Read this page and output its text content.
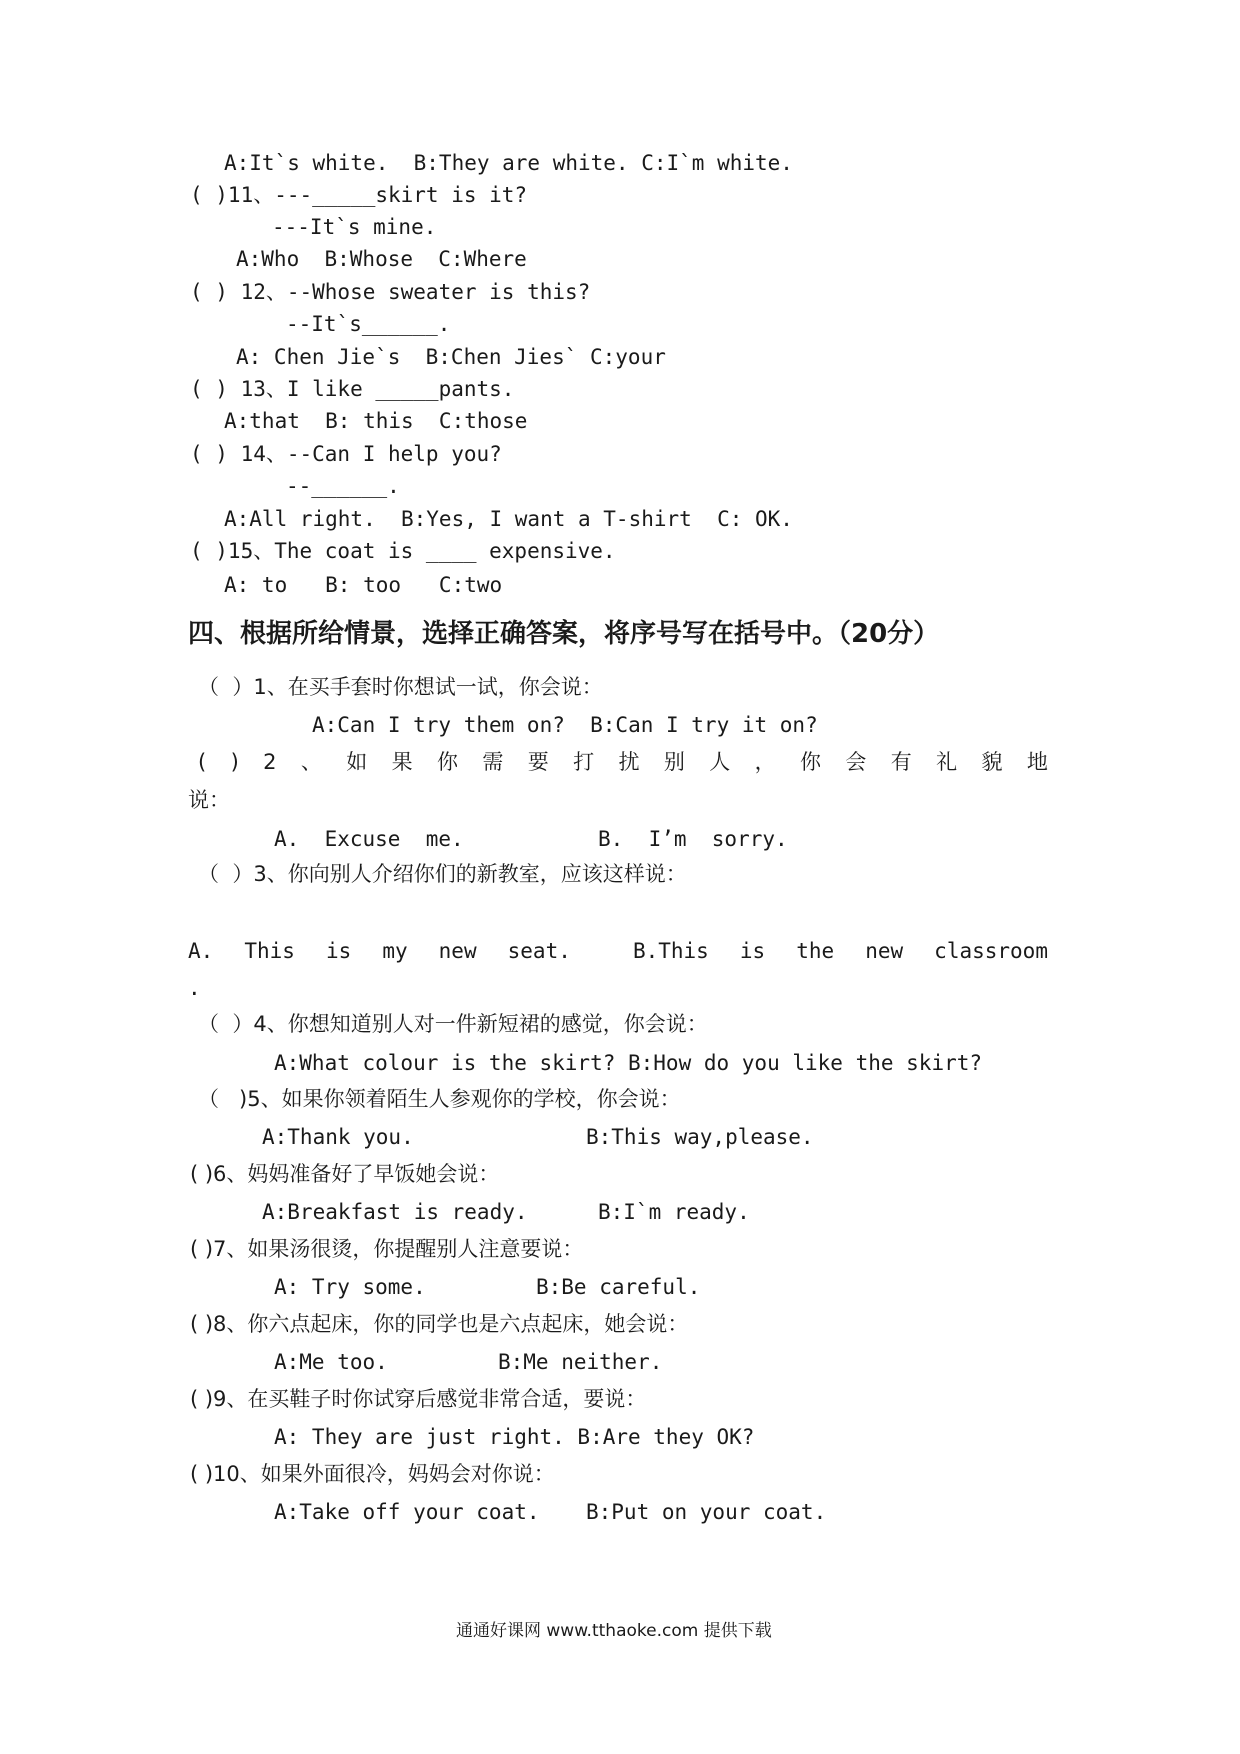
A:It`s white.  B:They are white. C:I`m white.
( )11、---_____skirt is it?
---It`s mine.
A:Who  B:Whose  C:Where
( ) 12、--Whose sweater is this?
--It`s______.
A: Chen Jie`s  B:Chen Jies` C:your
( ) 13、I like _____pants.
A:that  B: this  C:those
( ) 14、--Can I help you?
--______.
A:All right.  B:Yes, I want a T-shirt  C: OK.
( )15、The coat is ____ expensive.
A: to   B: too   C:two
四、根据所给情景，选择正确答案，将序号写在括号中。（20分）
（  ）1、在买手套时你想试一试，你会说：
A:Can I try them on?  B:Can I try it on?
( ) 2 、 如 果 你 需 要 打 扰 别 人 ， 你 会 有 礼 貌 地
说：
A.  Excuse  me.	B.  I’m  sorry.
（  ）3、你向别人介绍你们的新教室，应该这样说：
A. This is my new seat.	B.This is the new classroom
.
（  ）4、你想知道别人对一件新短裙的感觉，你会说：
A:What colour is the skirt? B:How do you like the skirt?
（   )5、如果你领着陌生人参观你的学校，你会说：
A:Thank you.	B:This way,please.
( )6、妈妈准备好了早饭她会说：
A:Breakfast is ready.	B:I`m ready.
( )7、如果汤很烫，你提醒别人注意要说：
A: Try some.	B:Be careful.
( )8、你六点起床，你的同学也是六点起床，她会说：
A:Me too.	B:Me neither.
( )9、在买鞋子时你试穿后感觉非常合适，要说：
A: They are just right. B:Are they OK?
( )10、如果外面很冷，妈妈会对你说：
A:Take off your coat. B:Put on your coat.
通通好课网 www.tthaoke.com 提供下载
